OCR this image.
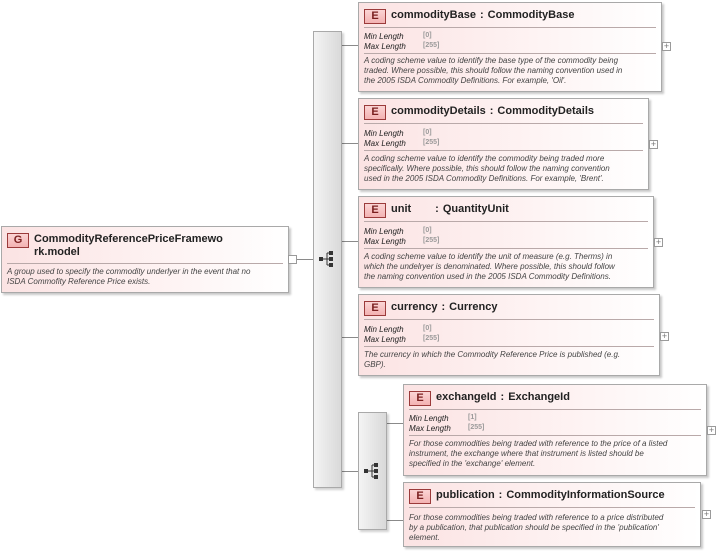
G	CommodityReferencePriceFramewo
rk.model
A group used to specify the commodity underlyer in the event that no
ISDA Commofity Reference Price exists.
E	commodityBase : CommodityBase
Min Length	[0]
Max Length [255]
A coding scheme value to identify the base type of the commodity being
traded. Where possible, this should follow the naming convention used in
the 2005 ISDA Commodity Definitions. For example, 'Oil'.
+
E	commodityDetails : CommodityDetails
Min Length	[0]
Max Length [255]
A coding scheme value to identify the commodity being traded more
specifically. Where possible, this should follow the naming convention
used in the 2005 ISDA Commodity Definitions. For example, 'Brent'.
+
E	unit : QuantityUnit
Min Length	[0]
Max Length [255]
A coding scheme value to identify the unit of measure (e.g. Therms) in
which the undelryer is denominated. Where possible, this should follow
the naming convention used in the 2005 ISDA Commodity Definitions.
+
E	currency : Currency
Min Length	[0]
Max Length [255]
The currency in which the Commodity Reference Price is published (e.g.
GBP).
+
E	exchangeId : ExchangeId
Min Length	[1]
Max Length [255]
For those commodities being traded with reference to the price of a listed
instrument, the exchange where that instrument is listed should be
specified in the 'exchange' element.
+
E	publication : CommodityInformationSource
For those commodities being traded with reference to a price distributed
by a publication, that publication should be specified in the 'publication'
element.
+
